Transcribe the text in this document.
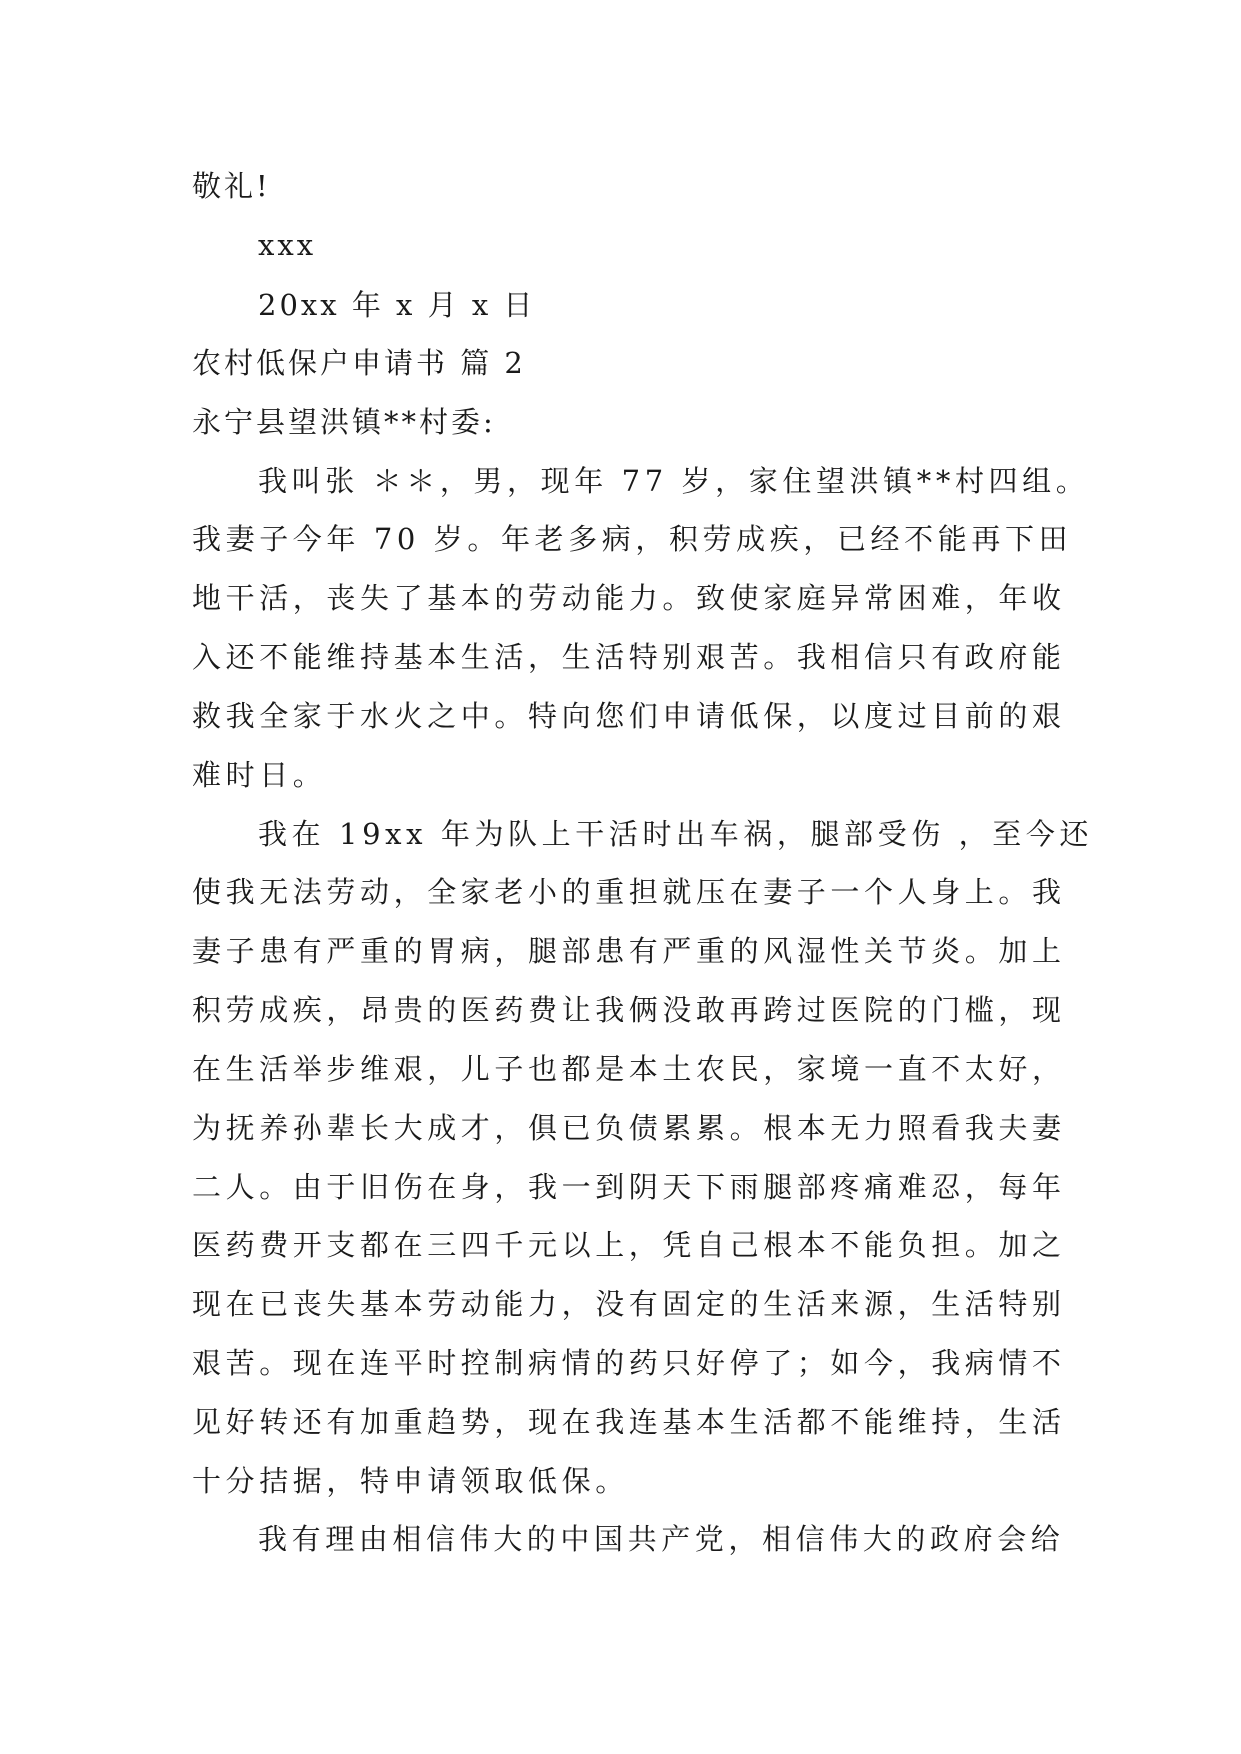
敬礼!
xxx
20xx 年 x 月 x 日
农村低保户申请书 篇 2
永宁县望洪镇**村委:
我叫张 ＊＊，男，现年 77 岁，家住望洪镇**村四组。
我妻子今年 70 岁。年老多病，积劳成疾，已经不能再下田
地干活，丧失了基本的劳动能力。致使家庭异常困难，年收
入还不能维持基本生活，生活特别艰苦。我相信只有政府能
救我全家于水火之中。特向您们申请低保，以度过目前的艰
难时日。
我在 19xx 年为队上干活时出车祸，腿部受伤 ，至今还
使我无法劳动，全家老小的重担就压在妻子一个人身上。我
妻子患有严重的胃病，腿部患有严重的风湿性关节炎。加上
积劳成疾，昂贵的医药费让我俩没敢再跨过医院的门槛，现
在生活举步维艰，儿子也都是本土农民，家境一直不太好，
为抚养孙辈长大成才，俱已负债累累。根本无力照看我夫妻
二人。由于旧伤在身，我一到阴天下雨腿部疼痛难忍，每年
医药费开支都在三四千元以上，凭自己根本不能负担。加之
现在已丧失基本劳动能力，没有固定的生活来源，生活特别
艰苦。现在连平时控制病情的药只好停了；如今，我病情不
见好转还有加重趋势，现在我连基本生活都不能维持，生活
十分拮据，特申请领取低保。
我有理由相信伟大的中国共产党，相信伟大的政府会给
